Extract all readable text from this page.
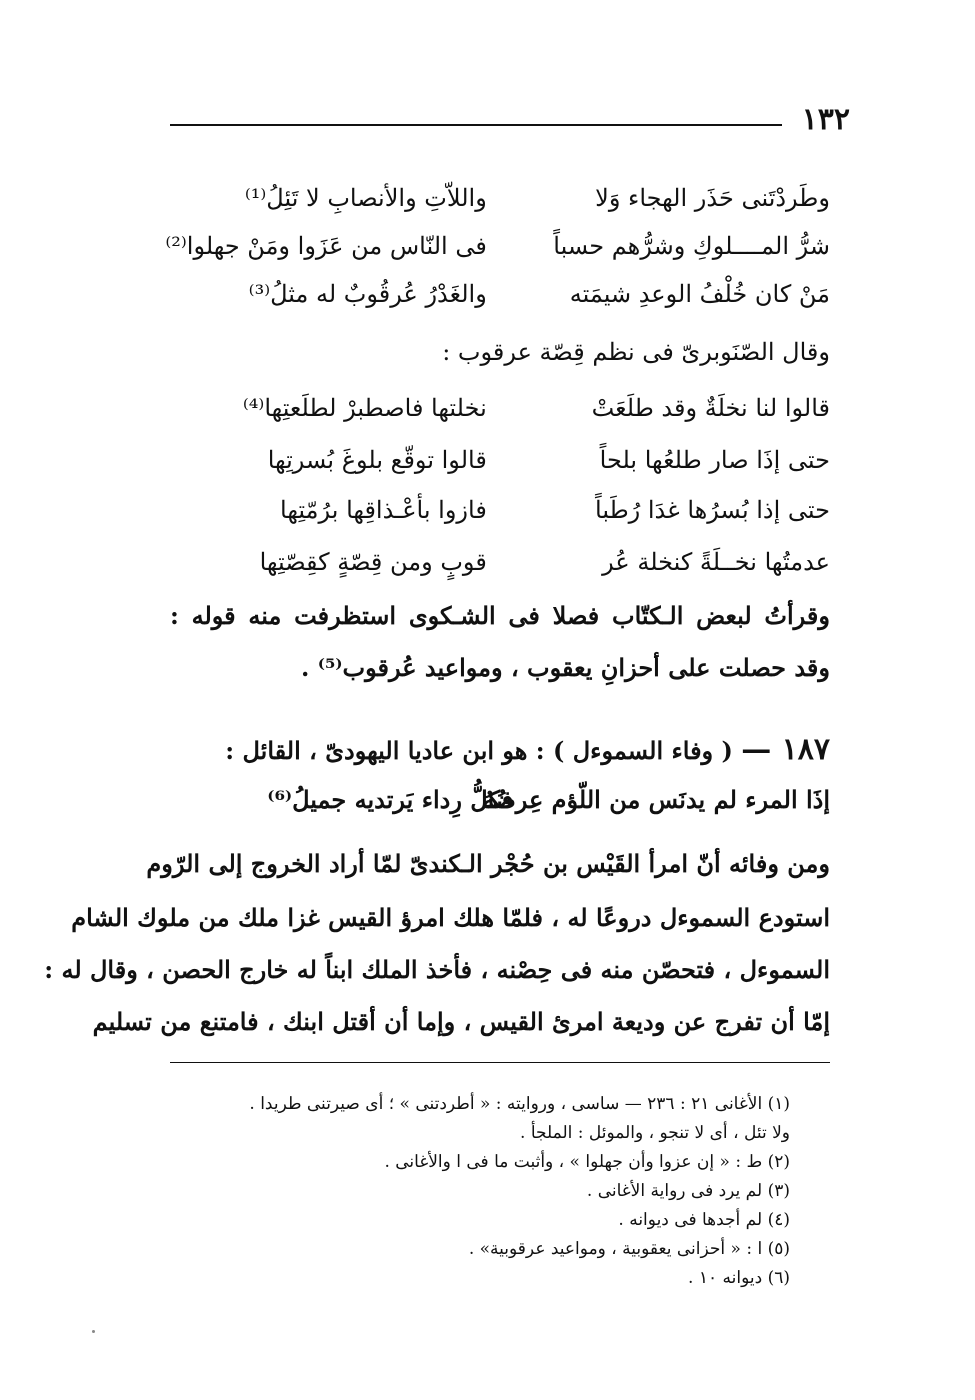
١٣٢
وطَردْتَنى حَذَر الهجاء وَلا
واللاّتِ والأنصابِ لا تَئِلُ⁽¹⁾
شرُّ المــــلوكِ وشرُّهم حسباً
فى النّاس من عَزَوا ومَنْ جهلوا⁽²⁾
مَنْ كان خُلْفُ الوعدِ شيمَته
والغَدْرُ عُرقُوبٌ له مثلُ⁽³⁾
وقال الصّنَوبرىّ فى نظم قِصّة عرقوب :
قالوا لنا نخلَةٌ وقد طلَعَتْ
نخلتها فاصطبرْ لطلَعتِها⁽⁴⁾
حتى إذَا صار طلعُها بلحاً
قالوا توقّع بلوغَ بُسرتِها
حتى إذا بُسرُها غدَا رُطَباً
فازوا بأعْـذاقِها برُمّتِها
عدمتُها نخــلَةً كنخلة عُر
قوبٍ ومن قِصّةٍ كقِصّتِها
وقرأتُ لبعض الـكتّاب فصلا فى الشـكوى استظرفت منه قوله : وقد حصلت على أحزانِ يعقوب ، ومواعيد عُرقوب⁽⁵⁾ .
١٨٧ — ( وفاء السموءل ) : هو ابن عاديا اليهودىّ ، القائل :
إذَا المرء لم يدنَس من اللّؤم عِرضُهُ
فكلُّ رِداء يَرتديه جميلُ⁽⁶⁾
ومن وفائه أنّ امرأ القَيْس بن حُجْر الـكندىّ لمّا أراد الخروج إلى الرّوم
استودع السموءل دروعًا له ، فلمّا هلك امرؤ القيس غزا ملك من ملوك الشام
السموءل ، فتحصّن منه فى حِصْنه ، فأخذ الملك ابناً له خارج الحصن ، وقال له :
إمّا أن تفرج عن وديعة امرئ القيس ، وإما أن أقتل ابنك ، فامتنع من تسليم
(١) الأغانى ٢١ : ٢٣٦ — ساسى ، وروايته : « أطردتنى » ؛ أى صيرتنى طريدا .
ولا تئل ، أى لا تنجو ، والموئل : الملجأ .
(٢) ط : « إن عزوا وأن جهلوا » ، وأثبت ما فى ا والأغانى .
(٣) لم يرد فى رواية الأغانى .
(٤) لم أجدها فى ديوانه .
(٥) ا : « أحزانى يعقوبية ، ومواعيد عرقوبية» .
(٦) ديوانه ١٠ .
